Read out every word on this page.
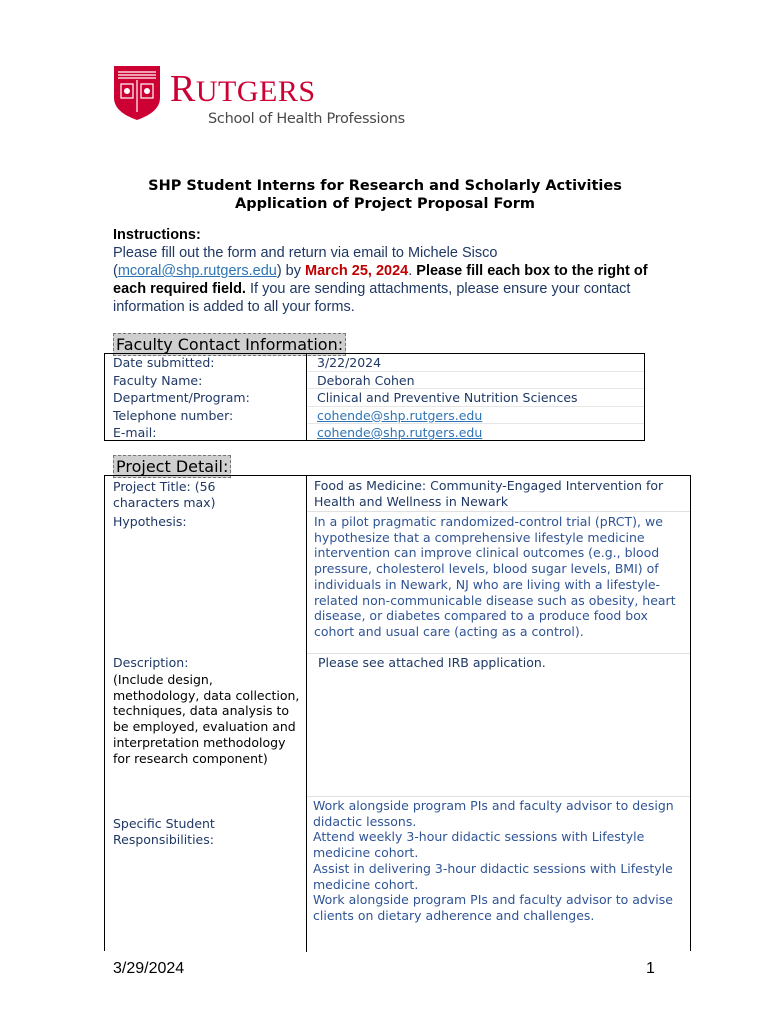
RUTGERS
School of Health Professions
SHP Student Interns for Research and Scholarly Activities
Application of Project Proposal Form
Instructions:
Please fill out the form and return via email to Michele Sisco
(mcoral@shp.rutgers.edu) by March 25, 2024. Please fill each box to the right of each required field. If you are sending attachments, please ensure your contact information is added to all your forms.
Faculty Contact Information:
Date submitted:
Faculty Name:
Department/Program:
Telephone number:
E-mail:
3/22/2024
Deborah Cohen
Clinical and Preventive Nutrition Sciences
cohende@shp.rutgers.edu
cohende@shp.rutgers.edu
Project Detail:
Project Title: (56 characters max)
Hypothesis:
Description:
(Include design, methodology, data collection, techniques, data analysis to be employed, evaluation and interpretation methodology for research component)
Specific Student Responsibilities:
Food as Medicine: Community-Engaged Intervention for Health and Wellness in Newark
In a pilot pragmatic randomized-control trial (pRCT), we hypothesize that a comprehensive lifestyle medicine intervention can improve clinical outcomes (e.g., blood pressure, cholesterol levels, blood sugar levels, BMI) of individuals in Newark, NJ who are living with a lifestyle-related non-communicable disease such as obesity, heart disease, or diabetes compared to a produce food box cohort and usual care (acting as a control).
Please see attached IRB application.
Work alongside program PIs and faculty advisor to design didactic lessons.
Attend weekly 3-hour didactic sessions with Lifestyle medicine cohort.
Assist in delivering 3-hour didactic sessions with Lifestyle medicine cohort.
Work alongside program PIs and faculty advisor to advise clients on dietary adherence and challenges.
3/29/2024	1
